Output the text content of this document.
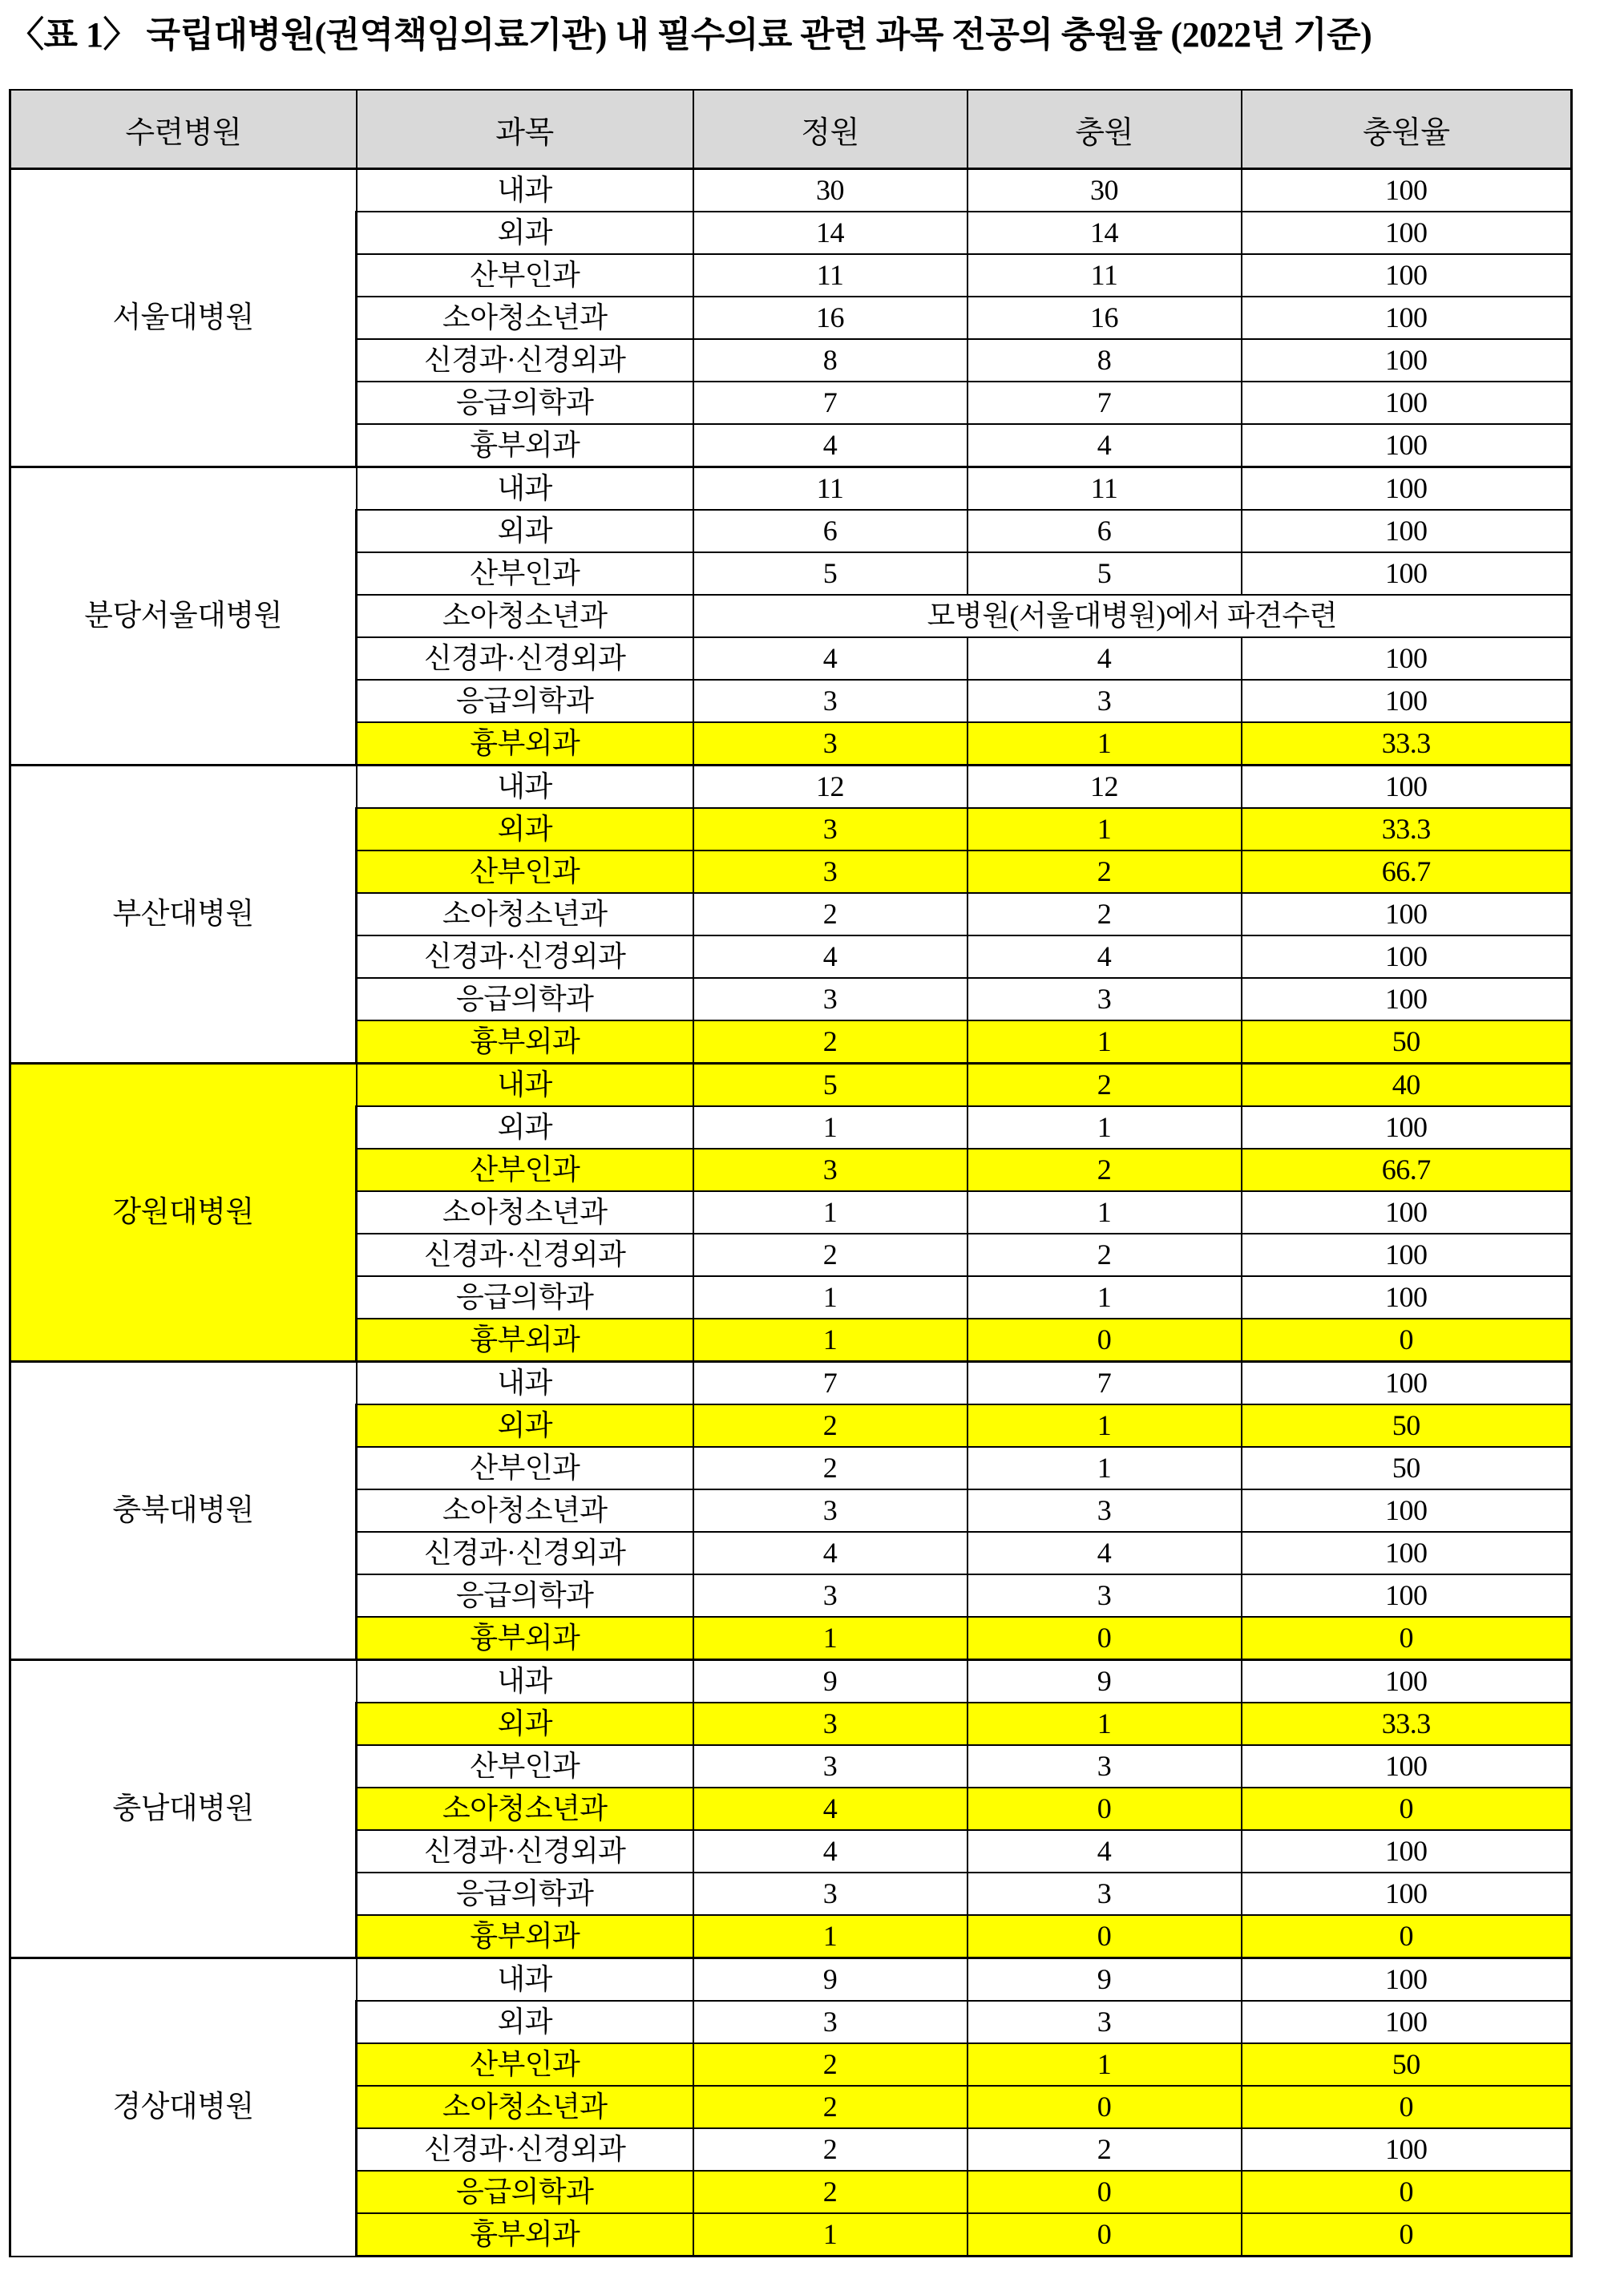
〈표 1〉 국립대병원(권역책임의료기관) 내 필수의료 관련 과목 전공의 충원율 (2022년 기준)
수련병원	과목	정원	충원	충원율
서울대병원	내과	30	30	100
	외과	14	14	100
	산부인과	11	11	100
	소아청소년과	16	16	100
	신경과·신경외과	8	8	100
	응급의학과	7	7	100
	흉부외과	4	4	100
분당서울대병원	내과	11	11	100
	외과	6	6	100
	산부인과	5	5	100
	소아청소년과	모병원(서울대병원)에서 파견수련		
	신경과·신경외과	4	4	100
	응급의학과	3	3	100
	흉부외과	3	1	33.3
부산대병원	내과	12	12	100
	외과	3	1	33.3
	산부인과	3	2	66.7
	소아청소년과	2	2	100
	신경과·신경외과	4	4	100
	응급의학과	3	3	100
	흉부외과	2	1	50
강원대병원	내과	5	2	40
	외과	1	1	100
	산부인과	3	2	66.7
	소아청소년과	1	1	100
	신경과·신경외과	2	2	100
	응급의학과	1	1	100
	흉부외과	1	0	0
충북대병원	내과	7	7	100
	외과	2	1	50
	산부인과	2	1	50
	소아청소년과	3	3	100
	신경과·신경외과	4	4	100
	응급의학과	3	3	100
	흉부외과	1	0	0
충남대병원	내과	9	9	100
	외과	3	1	33.3
	산부인과	3	3	100
	소아청소년과	4	0	0
	신경과·신경외과	4	4	100
	응급의학과	3	3	100
	흉부외과	1	0	0
경상대병원	내과	9	9	100
	외과	3	3	100
	산부인과	2	1	50
	소아청소년과	2	0	0
	신경과·신경외과	2	2	100
	응급의학과	2	0	0
	흉부외과	1	0	0
